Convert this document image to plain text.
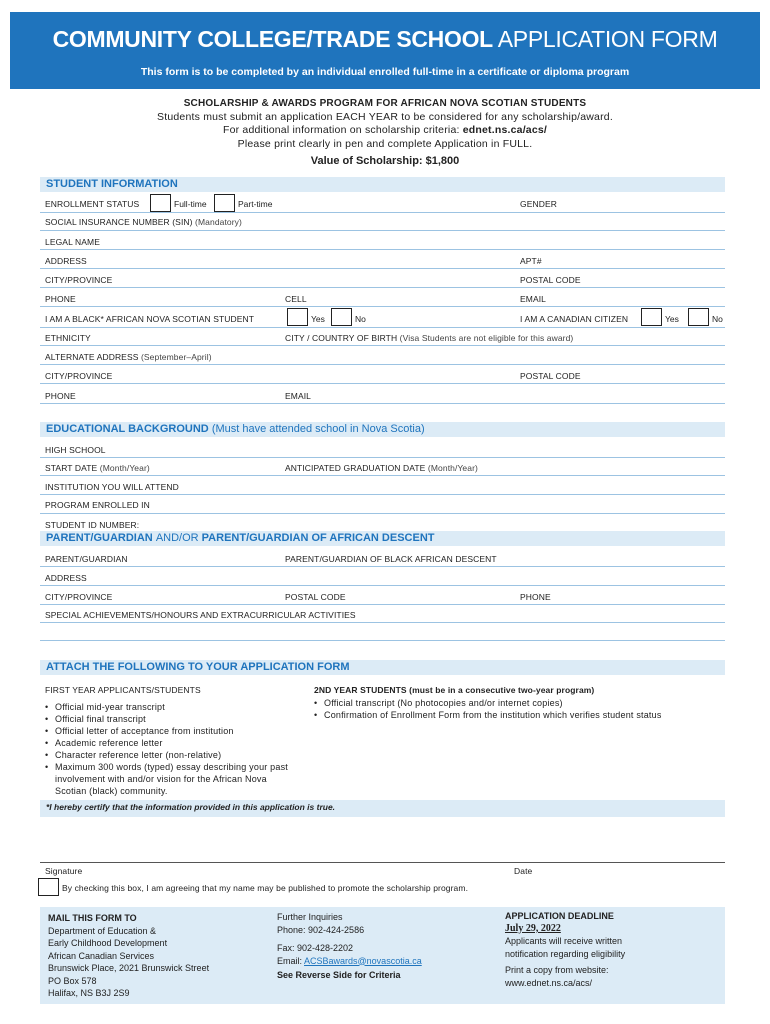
COMMUNITY COLLEGE/TRADE SCHOOL APPLICATION FORM
This form is to be completed by an individual enrolled full-time in a certificate or diploma program
SCHOLARSHIP & AWARDS PROGRAM FOR AFRICAN NOVA SCOTIAN STUDENTS
Students must submit an application EACH YEAR to be considered for any scholarship/award.
For additional information on scholarship criteria: ednet.ns.ca/acs/
Please print clearly in pen and complete Application in FULL.
Value of Scholarship: $1,800
STUDENT INFORMATION
ENROLLMENT STATUS	Full-time	Part-time	GENDER
SOCIAL INSURANCE NUMBER (SIN) (Mandatory)
LEGAL NAME
ADDRESS	APT#
CITY/PROVINCE	POSTAL CODE
PHONE	CELL	EMAIL
I AM A BLACK* AFRICAN NOVA SCOTIAN STUDENT	Yes	No	I AM A CANADIAN CITIZEN	Yes	No
ETHNICITY	CITY / COUNTRY OF BIRTH (Visa Students are not eligible for this award)
ALTERNATE ADDRESS (September–April)
CITY/PROVINCE	POSTAL CODE
PHONE	EMAIL
EDUCATIONAL BACKGROUND (Must have attended school in Nova Scotia)
HIGH SCHOOL
START DATE (Month/Year)	ANTICIPATED GRADUATION DATE (Month/Year)
INSTITUTION YOU WILL ATTEND
PROGRAM ENROLLED IN
STUDENT ID NUMBER:
PARENT/GUARDIAN AND/OR PARENT/GUARDIAN OF AFRICAN DESCENT
PARENT/GUARDIAN	PARENT/GUARDIAN OF BLACK AFRICAN DESCENT
ADDRESS
CITY/PROVINCE	POSTAL CODE	PHONE
SPECIAL ACHIEVEMENTS/HONOURS AND EXTRACURRICULAR ACTIVITIES
ATTACH THE FOLLOWING TO YOUR APPLICATION FORM
FIRST YEAR APPLICANTS/STUDENTS
• Official mid-year transcript
• Official final transcript
• Official letter of acceptance from institution
• Academic reference letter
• Character reference letter (non-relative)
• Maximum 300 words (typed) essay describing your past involvement with and/or vision for the African Nova Scotian (black) community.
2ND YEAR STUDENTS (must be in a consecutive two-year program)
• Official transcript (No photocopies and/or internet copies)
• Confirmation of Enrollment Form from the institution which verifies student status
*I hereby certify that the information provided in this application is true.
Signature	Date
By checking this box, I am agreeing that my name may be published to promote the scholarship program.
MAIL THIS FORM TO
Department of Education &
Early Childhood Development
African Canadian Services
Brunswick Place, 2021 Brunswick Street
PO Box 578
Halifax, NS B3J 2S9
Further Inquiries
Phone: 902-424-2586
Fax: 902-428-2202
Email: ACSBawards@novascotia.ca
See Reverse Side for Criteria
APPLICATION DEADLINE
July 29, 2022
Applicants will receive written
notification regarding eligibility
Print a copy from website:
www.ednet.ns.ca/acs/
